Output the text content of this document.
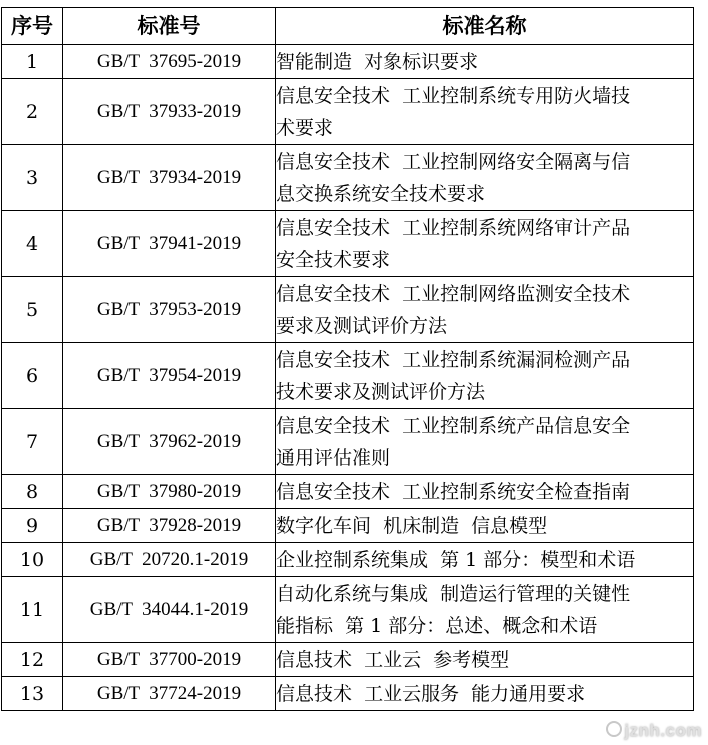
序号	标准号	标准名称
1	GB/T  37695-2019	智能制造  对象标识要求

2	GB/T  37933-2019	信息安全技术  工业控制系统专用防火墙技
术要求

3	GB/T  37934-2019	信息安全技术  工业控制网络安全隔离与信
息交换系统安全技术要求

4	GB/T  37941-2019	信息安全技术  工业控制系统网络审计产品
安全技术要求

5	GB/T  37953-2019	信息安全技术  工业控制网络监测安全技术
要求及测试评价方法

6	GB/T  37954-2019	信息安全技术  工业控制系统漏洞检测产品
技术要求及测试评价方法

7	GB/T  37962-2019	信息安全技术  工业控制系统产品信息安全
通用评估准则

8	GB/T  37980-2019	信息安全技术  工业控制系统安全检查指南

9	GB/T  37928-2019	数字化车间  机床制造  信息模型

10	GB/T  20720.1-2019	企业控制系统集成  第 1 部分：模型和术语

11	GB/T  34044.1-2019	自动化系统与集成  制造运行管理的关键性
能指标  第 1 部分：总述、概念和术语

12	GB/T  37700-2019	信息技术  工业云  参考模型

13	GB/T  37724-2019	信息技术  工业云服务  能力通用要求
jznh.com
